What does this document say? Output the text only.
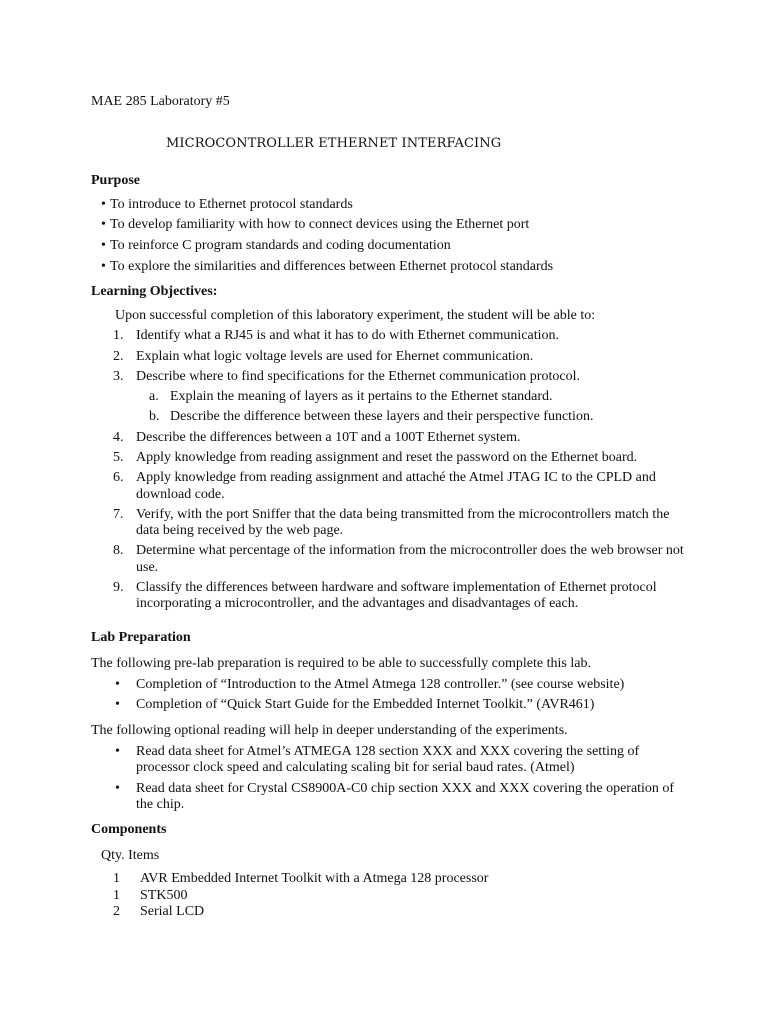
MAE 285 Laboratory #5
MICROCONTROLLER ETHERNET INTERFACING
Purpose
• To introduce to Ethernet protocol standards
• To develop familiarity with how to connect devices using the Ethernet port
• To reinforce C program standards and coding documentation
• To explore the similarities and differences between Ethernet protocol standards
Learning Objectives:
Upon successful completion of this laboratory experiment, the student will be able to:
1. Identify what a RJ45 is and what it has to do with Ethernet communication.
2. Explain what logic voltage levels are used for Ehernet communication.
3. Describe where to find specifications for the Ethernet communication protocol.
a. Explain the meaning of layers as it pertains to the Ethernet standard.
b. Describe the difference between these layers and their perspective function.
4. Describe the differences between a 10T and a 100T Ethernet system.
5. Apply knowledge from reading assignment and reset the password on the Ethernet board.
6. Apply knowledge from reading assignment and attaché the Atmel JTAG IC to the CPLD and
download code.
7. Verify, with the port Sniffer that the data being transmitted from the microcontrollers match the
data being received by the web page.
8. Determine what percentage of the information from the microcontroller does the web browser not
use.
9. Classify the differences between hardware and software implementation of Ethernet protocol
incorporating a microcontroller, and the advantages and disadvantages of each.
Lab Preparation
The following pre-lab preparation is required to be able to successfully complete this lab.
• Completion of “Introduction to the Atmel Atmega 128 controller.” (see course website)
• Completion of “Quick Start Guide for the Embedded Internet Toolkit.” (AVR461)
The following optional reading will help in deeper understanding of the experiments.
• Read data sheet for Atmel’s ATMEGA 128 section XXX and XXX covering the setting of
processor clock speed and calculating scaling bit for serial baud rates. (Atmel)
• Read data sheet for Crystal CS8900A-C0 chip section XXX and XXX covering the operation of
the chip.
Components
Qty. Items
1 AVR Embedded Internet Toolkit with a Atmega 128 processor
1 STK500
2 Serial LCD
